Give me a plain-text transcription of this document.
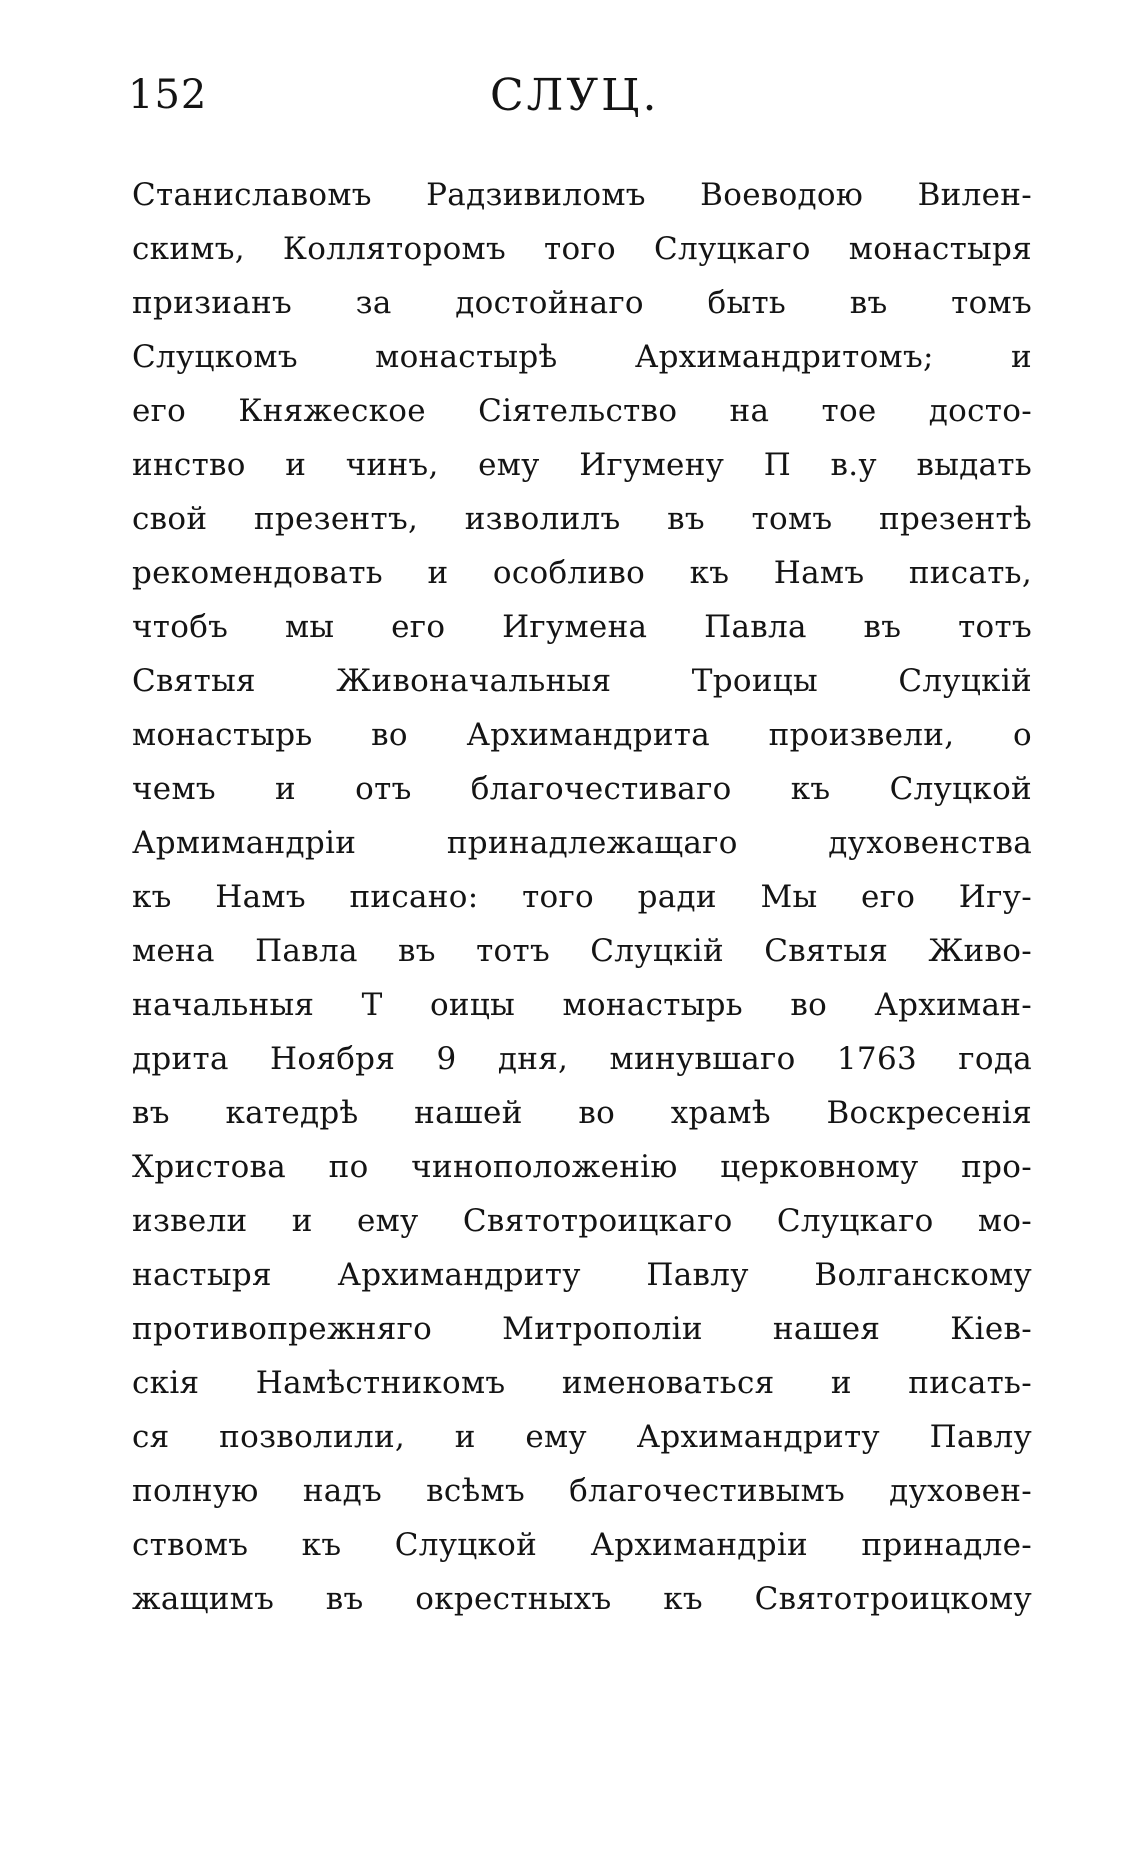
152	СЛУЦ.
Станиславомъ Радзивиломъ Воеводою Вилен-
скимъ, Колляторомъ того Слуцкаго монастыря
призианъ за достойнаго быть въ томъ
Слуцкомъ монастырѣ Архимандритомъ; и
его Княжеское Сіятельство на тое досто-
инство и чинъ, ему Игумену П в.у выдать
свой презентъ, изволилъ въ томъ презентѣ
рекомендовать и особливо къ Намъ писать,
чтобъ мы его Игумена Павла въ тотъ
Святыя Живоначальныя Троицы Слуцкій
монастырь во Архимандрита произвели, о
чемъ и отъ благочестиваго къ Слуцкой
Армимандріи принадлежащаго духовенства
къ Намъ писано: того ради Мы его Игу-
мена Павла въ тотъ Слуцкій Святыя Живо-
начальныя Т оицы монастырь во Архиман-
дрита Ноября 9 дня, минувшаго 1763 года
въ катедрѣ нашей во храмѣ Воскресенія
Христова по чиноположенію церковному про-
извели и ему Святотроицкаго Слуцкаго мо-
настыря Архимандриту Павлу Волганскому
противопрежняго Митрополіи нашея Кіев-
скія Намѣстникомъ именоваться и писать-
ся позволили, и ему Архимандриту Павлу
полную надъ всѣмъ благочестивымъ духовен-
ствомъ къ Слуцкой Архимандріи принадле-
жащимъ въ окрестныхъ къ Святотроицкому
